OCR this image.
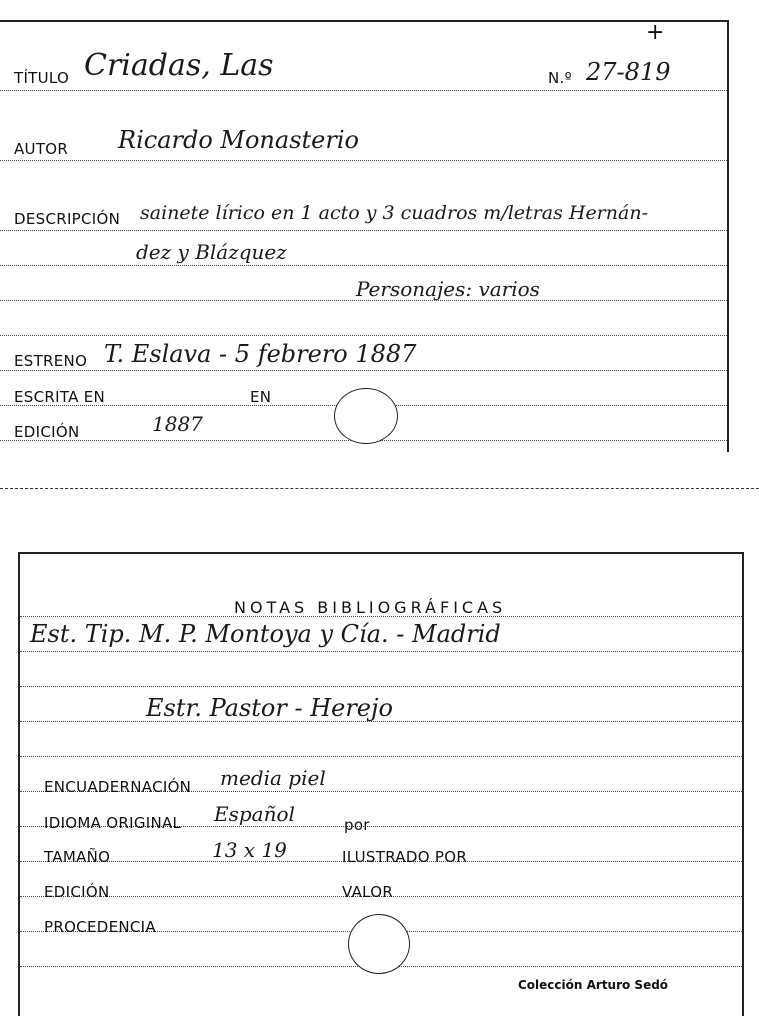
TÍTULO Criadas, Las	N.º 27-819
+
AUTOR Ricardo Monasterio
DESCRIPCIÓN sainete lírico en 1 acto y 3 cuadros m/letras Hernán-
dez y Blázquez
Personajes: varios
ESTRENO T. Eslava - 5 febrero 1887
ESCRITA EN	EN
EDICIÓN	1887
NOTAS BIBLIOGRÁFICAS
Est. Tip. M. P. Montoya y Cía. - Madrid
Estr. Pastor - Herejo
ENCUADERNACIÓN media piel
IDIOMA ORIGINAL Español	por
TAMAÑO	13 x 19	ILUSTRADO POR
EDICIÓN	VALOR
PROCEDENCIA
Colección Arturo Sedó
